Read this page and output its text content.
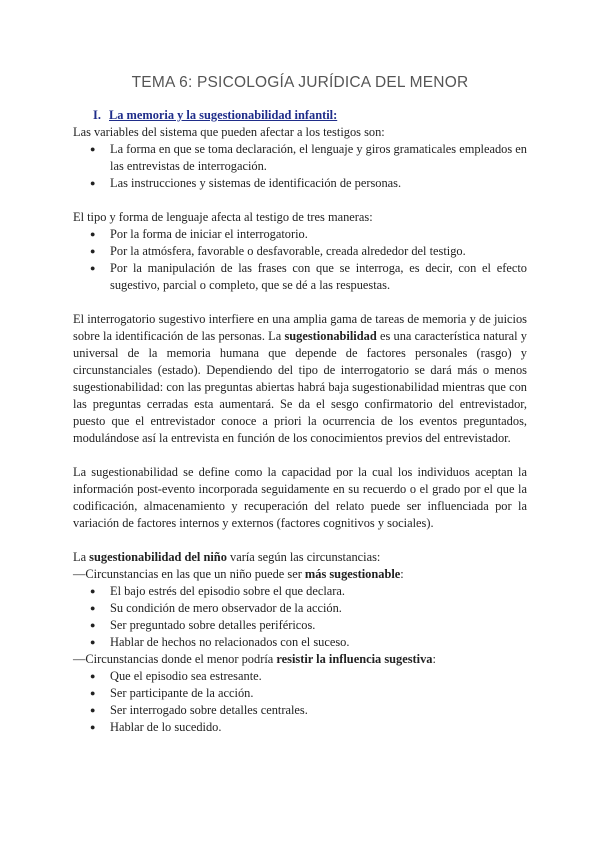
TEMA 6: PSICOLOGÍA JURÍDICA DEL MENOR
I. La memoria y la sugestionabilidad infantil:

Las variables del sistema que pueden afectar a los testigos son:

● La forma en que se toma declaración, el lenguaje y giros gramaticales empleados en las entrevistas de interrogación.
● Las instrucciones y sistemas de identificación de personas.

El tipo y forma de lenguaje afecta al testigo de tres maneras:

● Por la forma de iniciar el interrogatorio.
● Por la atmósfera, favorable o desfavorable, creada alrededor del testigo.
● Por la manipulación de las frases con que se interroga, es decir, con el efecto sugestivo, parcial o completo, que se dé a las respuestas.

El interrogatorio sugestivo interfiere en una amplia gama de tareas de memoria y de juicios sobre la identificación de las personas. La sugestionabilidad es una característica natural y universal de la memoria humana que depende de factores personales (rasgo) y circunstanciales (estado). Dependiendo del tipo de interrogatorio se dará más o menos sugestionabilidad: con las preguntas abiertas habrá baja sugestionabilidad mientras que con las preguntas cerradas esta aumentará. Se da el sesgo confirmatorio del entrevistador, puesto que el entrevistador conoce a priori la ocurrencia de los eventos preguntados, modulándose así la entrevista en función de los conocimientos previos del entrevistador.

La sugestionabilidad se define como la capacidad por la cual los individuos aceptan la información post-evento incorporada seguidamente en su recuerdo o el grado por el que la codificación, almacenamiento y recuperación del relato puede ser influenciada por la variación de factores internos y externos (factores cognitivos y sociales).

La sugestionabilidad del niño varía según las circunstancias:

—Circunstancias en las que un niño puede ser más sugestionable:

● El bajo estrés del episodio sobre el que declara.
● Su condición de mero observador de la acción.
● Ser preguntado sobre detalles periféricos.
● Hablar de hechos no relacionados con el suceso.

—Circunstancias donde el menor podría resistir la influencia sugestiva:

● Que el episodio sea estresante.
● Ser participante de la acción.
● Ser interrogado sobre detalles centrales.
● Hablar de lo sucedido.
